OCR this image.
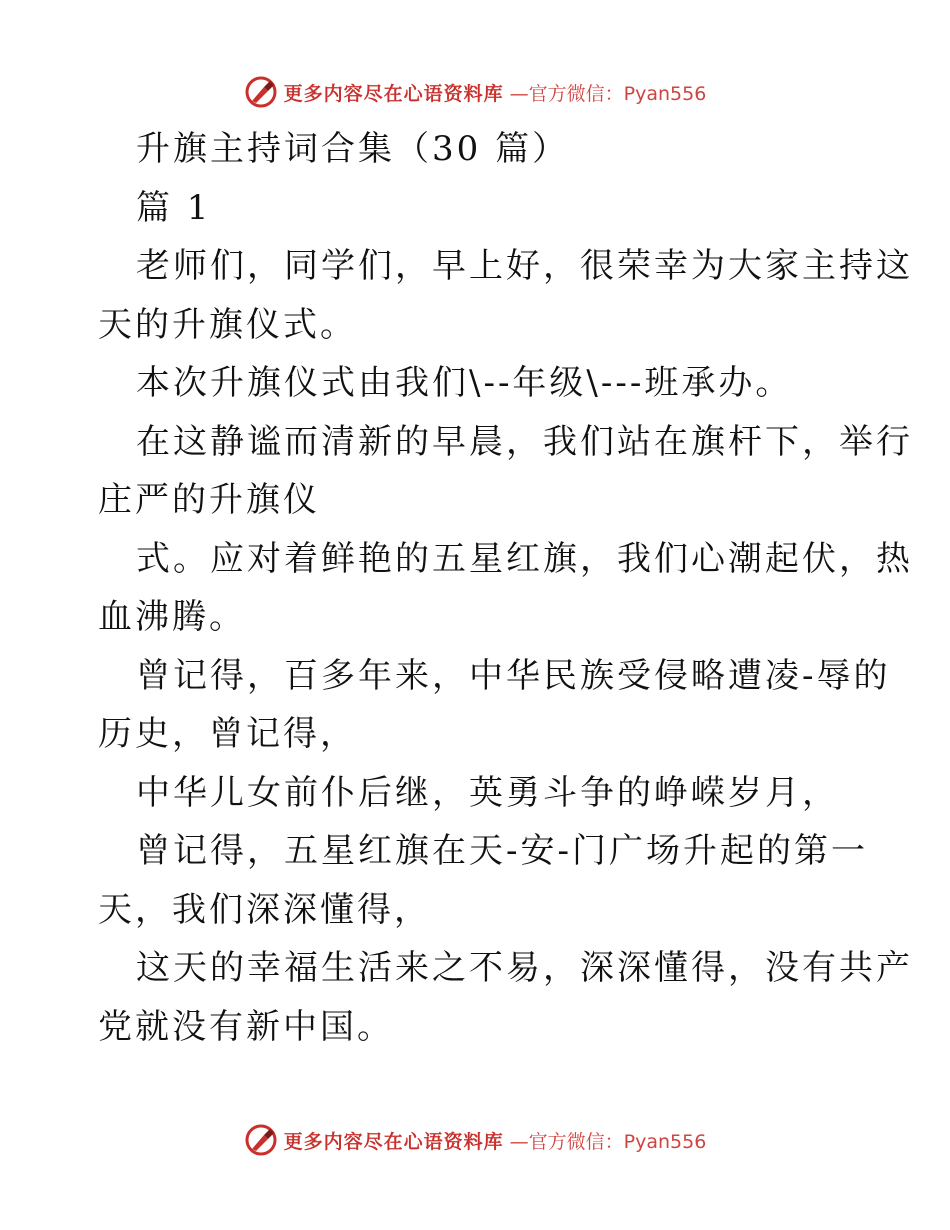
更多内容尽在心语资料库 —官方微信：Pyan556
升旗主持词合集（30 篇）
篇 1
老师们，同学们，早上好，很荣幸为大家主持这
天的升旗仪式。
本次升旗仪式由我们\--年级\---班承办。
在这静谧而清新的早晨，我们站在旗杆下，举行
庄严的升旗仪
式。应对着鲜艳的五星红旗，我们心潮起伏，热
血沸腾。
曾记得，百多年来，中华民族受侵略遭凌-辱的
历史，曾记得，
中华儿女前仆后继，英勇斗争的峥嵘岁月，
曾记得，五星红旗在天-安-门广场升起的第一
天，我们深深懂得，
这天的幸福生活来之不易，深深懂得，没有共产
党就没有新中国。
更多内容尽在心语资料库 —官方微信：Pyan556
